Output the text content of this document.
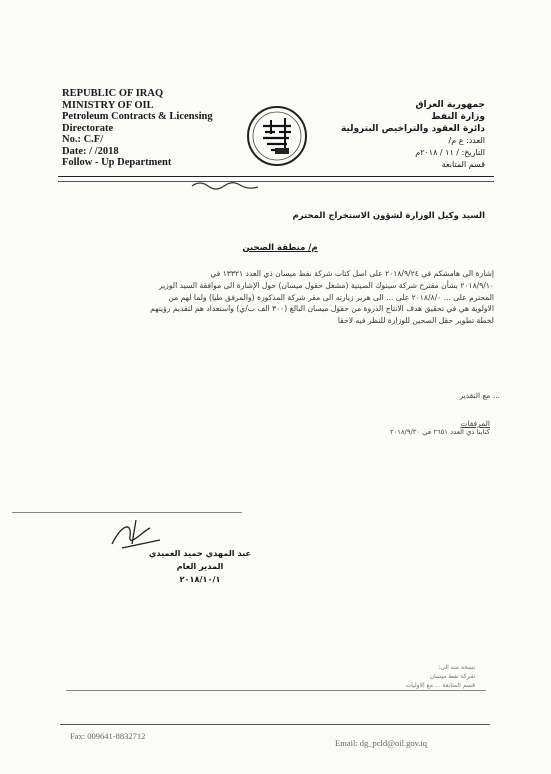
REPUBLIC OF IRAQ
MINISTRY OF OIL
Petroleum Contracts & Licensing
Directorate
No.: C.F/
Date: / /2018
Follow - Up Department
جمهورية العراق
وزارة النفط
دائرة العقود والتراخيص البترولية
العدد: ع م/
التاريخ: / ١١ / ٢٠١٨م
قسم المتابعة
السيد وكيل الوزارة لشؤون الاستخراج المحترم
م/ منطقة الصحين
إشارة الى هامشكم في ٢٠١٨/٩/٢٤ على اصل كتاب شركة نفط ميسان ذي العدد ١٣٣٢١ في
٢٠١٨/٩/١٠ بشأن مقترح شركة سينوك الصينية (مشغل حقول ميسان) حول الإشارة الى موافقة السيد الوزير
المحترم على ... ٢٠١٨/٨/٠ على ... الى هرير زيارته الى مقر شركة المذكورة (والمرفق طيا) ولما لهم من
الاولوية هي في تحقيق هدف الانتاج الذروة من حقول ميسان البالغ (٣٠٠ الف ب/ي) واستعداد هم لتقديم رؤيتهم
لخطة تطوير حقل الصحين للوزارة للنظر فيه لاحقا
... مع التقدير
المرفقات
كتابنا ذي العدد ٢٦٥١ في ٢٠١٨/٩/٣٠
عبد المهدي حميد العميدي
المدير العام
٢٠١٨/١٠/١
نسخة منه الى:
شركة نفط ميسان
قسم المتابعة ... مع الاوليات
Fax: 009641-8832712
Email: dg_pcld@oil.gov.iq
